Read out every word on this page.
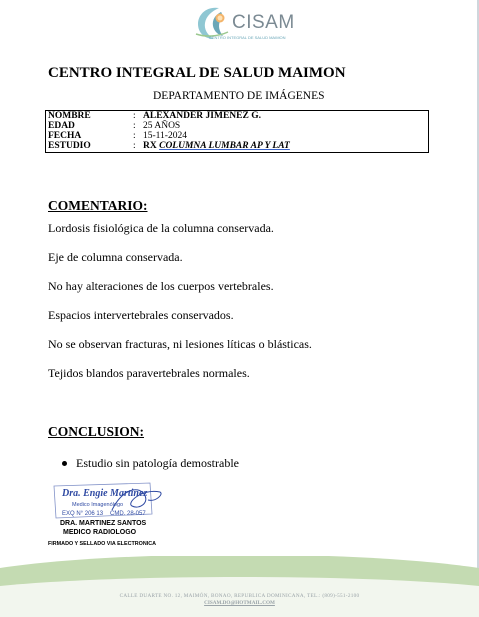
CISAM
CENTRO INTEGRAL DE SALUD MAIMON
CENTRO INTEGRAL DE SALUD MAIMON
DEPARTAMENTO DE IMÁGENES
NOMBRE	: ALEXANDER JIMENEZ G.
EDAD	: 25 AÑOS
FECHA	: 15-11-2024
ESTUDIO	: RX COLUMNA LUMBAR AP Y LAT
COMENTARIO:
Lordosis fisiológica de la columna conservada.
Eje de columna conservada.
No hay alteraciones de los cuerpos vertebrales.
Espacios intervertebrales conservados.
No se observan fracturas, ni lesiones líticas o blásticas.
Tejidos blandos paravertebrales normales.
CONCLUSION:
Estudio sin patología demostrable
Dra. Engie Martinez
Medico Imagenólogo
EXQ N° 206 13 CMD. 28-057
DRA. MARTINEZ SANTOS
MEDICO RADIOLOGO
FIRMADO Y SELLADO VIA ELECTRONICA
CALLE DUARTE NO. 12, MAIMÓN, BONAO, REPUBLICA DOMINICANA, TEL.: (809)-551-2100
CISAM.DO@HOTMAIL.COM
